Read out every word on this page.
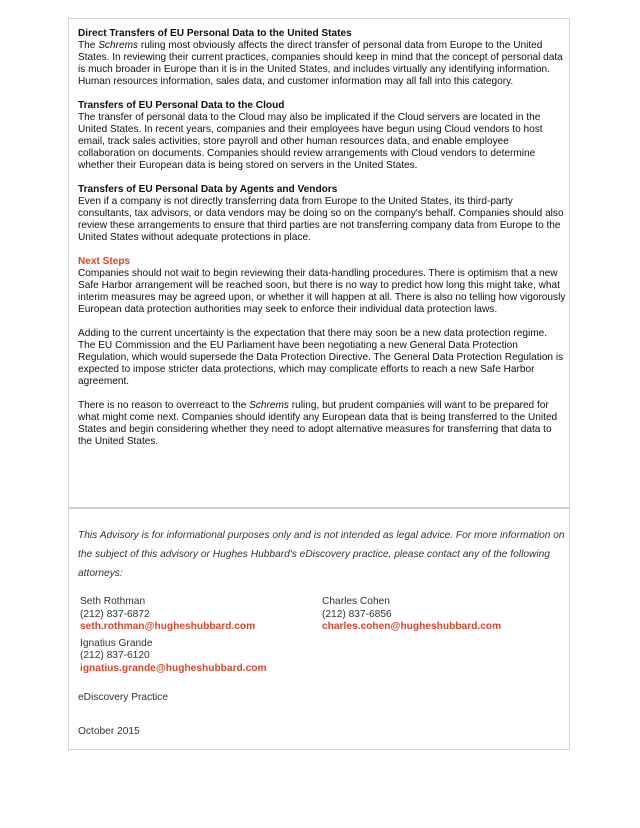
Direct Transfers of EU Personal Data to the United States
The Schrems ruling most obviously affects the direct transfer of personal data from Europe to the United States. In reviewing their current practices, companies should keep in mind that the concept of personal data is much broader in Europe than it is in the United States, and includes virtually any identifying information. Human resources information, sales data, and customer information may all fall into this category.
Transfers of EU Personal Data to the Cloud
The transfer of personal data to the Cloud may also be implicated if the Cloud servers are located in the United States. In recent years, companies and their employees have begun using Cloud vendors to host email, track sales activities, store payroll and other human resources data, and enable employee collaboration on documents. Companies should review arrangements with Cloud vendors to determine whether their European data is being stored on servers in the United States.
Transfers of EU Personal Data by Agents and Vendors
Even if a company is not directly transferring data from Europe to the United States, its third-party consultants, tax advisors, or data vendors may be doing so on the company's behalf. Companies should also review these arrangements to ensure that third parties are not transferring company data from Europe to the United States without adequate protections in place.
Next Steps
Companies should not wait to begin reviewing their data-handling procedures. There is optimism that a new Safe Harbor arrangement will be reached soon, but there is no way to predict how long this might take, what interim measures may be agreed upon, or whether it will happen at all. There is also no telling how vigorously European data protection authorities may seek to enforce their individual data protection laws.
Adding to the current uncertainty is the expectation that there may soon be a new data protection regime. The EU Commission and the EU Parliament have been negotiating a new General Data Protection Regulation, which would supersede the Data Protection Directive. The General Data Protection Regulation is expected to impose stricter data protections, which may complicate efforts to reach a new Safe Harbor agreement.
There is no reason to overreact to the Schrems ruling, but prudent companies will want to be prepared for what might come next. Companies should identify any European data that is being transferred to the United States and begin considering whether they need to adopt alternative measures for transferring that data to the United States.
This Advisory is for informational purposes only and is not intended as legal advice. For more information on the subject of this advisory or Hughes Hubbard's eDiscovery practice, please contact any of the following attorneys:
Seth Rothman
(212) 837-6872
seth.rothman@hugheshubbard.com
Ignatius Grande
(212) 837-6120
ignatius.grande@hugheshubbard.com
Charles Cohen
(212) 837-6856
charles.cohen@hugheshubbard.com
eDiscovery Practice
October 2015
